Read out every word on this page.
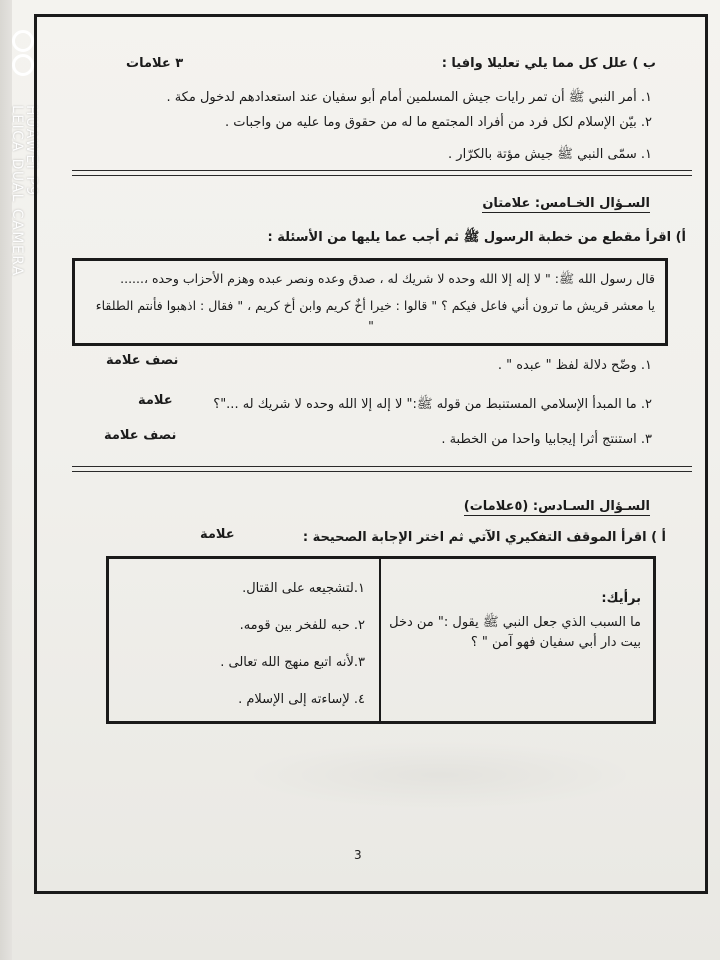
HUAWEI P9
LEICA DUAL CAMERA
٣ علامات	ب ) علل كل مما يلي تعليلا وافيا :
١. أمر النبي ﷺ أن تمر رايات جيش المسلمين أمام أبو سفيان عند استعدادهم لدخول مكة .
٢. بيّن الإسلام لكل فرد من أفراد المجتمع ما له من حقوق وما عليه من واجبات .
١. سمّى النبي ﷺ جيش مؤتة بالكرّار .
السـؤال الخـامس: علامتان
أ) اقرأ مقطع من خطبة الرسول ﷺ ثم أجب عما يليها من الأسئلة :
قال رسول الله ﷺ: " لا إله إلا الله وحده لا شريك له ، صدق وعده ونصر عبده وهزم الأحزاب وحده ،......
يا معشر قريش ما ترون أني فاعل فيكم ؟ " قالوا : خيرا أخٌ كريم وابن أخ كريم ، " فقال : اذهبوا فأنتم الطلقاء
"
١. وضّح دلالة لفظ " عبده " .
نصف علامة
٢. ما المبدأ الإسلامي المستنبط من قوله ﷺ:" لا إله إلا الله وحده لا شريك له ..."؟
علامة
٣. استنتج أثرا إيجابيا واحدا من الخطبة .
نصف علامة
السـؤال السـادس: (٥علامات)
أ ) اقرأ الموقف التفكيري الآتي ثم اختر الإجابة الصحيحة :
علامة
برأيك:
ما السبب الذي جعل النبي ﷺ يقول :" من دخل بيت دار أبي سفيان فهو آمن " ؟
١.لتشجيعه على القتال.
٢. حبه للفخر بين قومه.
٣.لأنه اتبع منهج الله تعالى .
٤. لإساءته إلى الإسلام .
3
